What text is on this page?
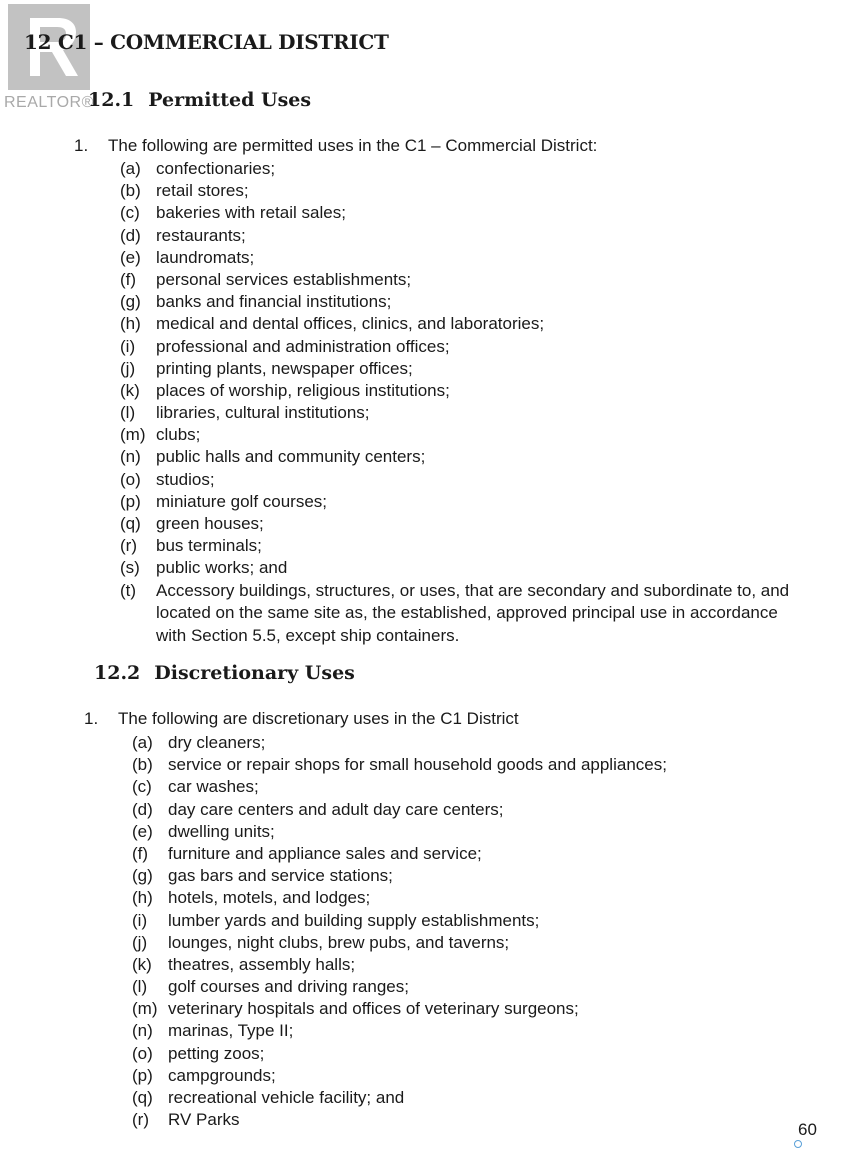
REALTOR®
12 C1 – COMMERCIAL DISTRICT
12.1 Permitted Uses
1. The following are permitted uses in the C1 – Commercial District:
(a) confectionaries;
(b) retail stores;
(c) bakeries with retail sales;
(d) restaurants;
(e) laundromats;
(f)	personal services establishments;
(g) banks and financial institutions;
(h) medical and dental offices, clinics, and laboratories;
(i)	professional and administration offices;
(j)	printing plants, newspaper offices;
(k) places of worship, religious institutions;
(l)	libraries, cultural institutions;
(m) clubs;
(n) public halls and community centers;
(o) studios;
(p) miniature golf courses;
(q) green houses;
(r)	bus terminals;
(s) public works; and
(t)	Accessory buildings, structures, or uses, that are secondary and subordinate to, and located on the same site as, the established, approved principal use in accordance with Section 5.5, except ship containers.
12.2 Discretionary Uses
1. The following are discretionary uses in the C1 District
(a) dry cleaners;
(b) service or repair shops for small household goods and appliances;
(c) car washes;
(d) day care centers and adult day care centers;
(e) dwelling units;
(f)	furniture and appliance sales and service;
(g) gas bars and service stations;
(h) hotels, motels, and lodges;
(i)	lumber yards and building supply establishments;
(j)	lounges, night clubs, brew pubs, and taverns;
(k) theatres, assembly halls;
(l)	golf courses and driving ranges;
(m) veterinary hospitals and offices of veterinary surgeons;
(n) marinas, Type II;
(o) petting zoos;
(p) campgrounds;
(q) recreational vehicle facility; and
(r)	RV Parks
60
